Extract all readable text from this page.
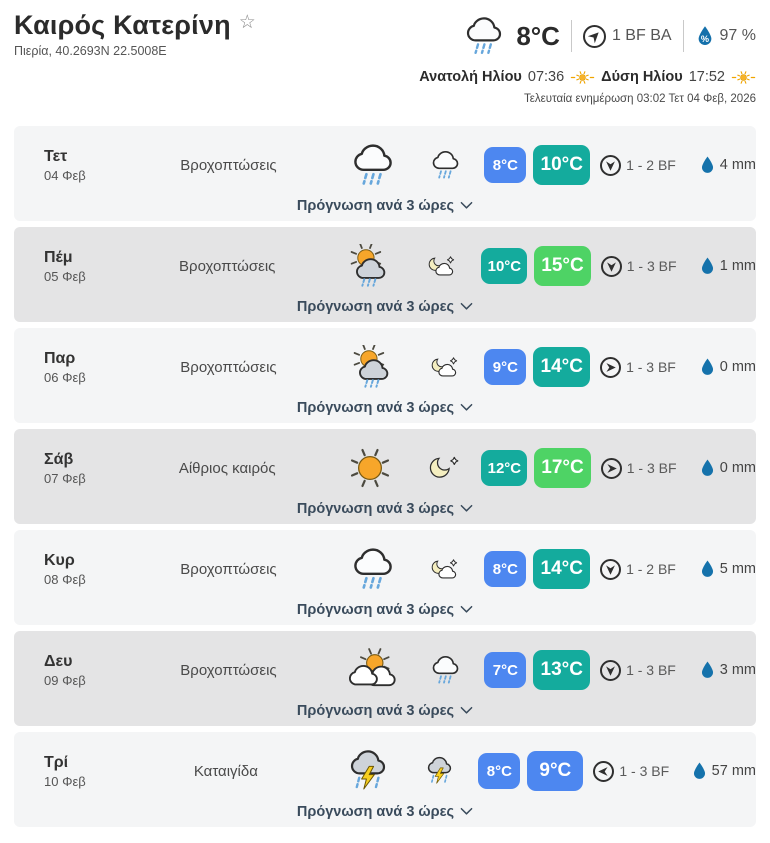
Καιρός Κατερίνη ☆
Πιερία, 40.2693N 22.5008E
8°C	1 BF ΒΑ	% 97 %
Ανατολή Ηλίου 07:36	Δύση Ηλίου 17:52
Τελευταία ενημέρωση 03:02 Τετ 04 Φεβ, 2026
Τετ
04 Φεβ
Βροχοπτώσεις	8°C	10°C	1 - 2 BF	4 mm
Πρόγνωση ανά 3 ώρες
Πέμ
05 Φεβ
Βροχοπτώσεις	10°C	15°C	1 - 3 BF	1 mm
Πρόγνωση ανά 3 ώρες
Παρ
06 Φεβ
Βροχοπτώσεις	9°C	14°C	1 - 3 BF	0 mm
Πρόγνωση ανά 3 ώρες
Σάβ
07 Φεβ
Αίθριος καιρός	12°C	17°C	1 - 3 BF	0 mm
Πρόγνωση ανά 3 ώρες
Κυρ
08 Φεβ
Βροχοπτώσεις	8°C	14°C	1 - 2 BF	5 mm
Πρόγνωση ανά 3 ώρες
Δευ
09 Φεβ
Βροχοπτώσεις	7°C	13°C	1 - 3 BF	3 mm
Πρόγνωση ανά 3 ώρες
Τρί
10 Φεβ
Καταιγίδα	8°C	9°C	1 - 3 BF	57 mm
Πρόγνωση ανά 3 ώρες
